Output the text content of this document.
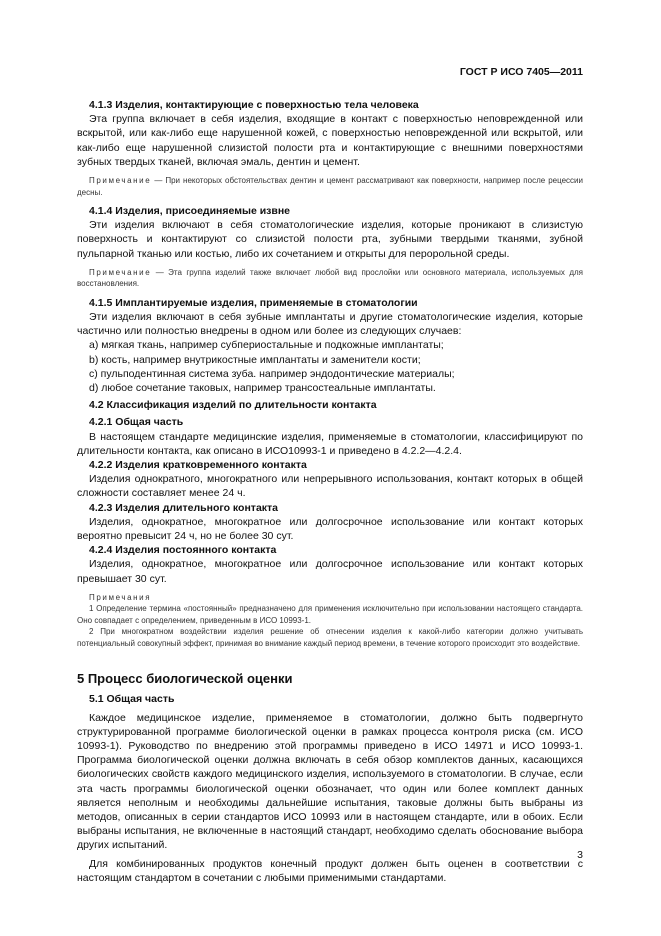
ГОСТ Р ИСО 7405—2011

4.1.3 Изделия, контактирующие с поверхностью тела человека

Эта группа включает в себя изделия, входящие в контакт с поверхностью неповрежденной или вскрытой, или как-либо еще нарушенной кожей, с поверхностью неповрежденной или вскрытой, или как-либо еще нарушенной слизистой полости рта и контактирующие с внешними поверхностями зубных твердых тканей, включая эмаль, дентин и цемент.

Примечание — При некоторых обстоятельствах дентин и цемент рассматривают как поверхности, например после рецессии десны.

4.1.4 Изделия, присоединяемые извне

Эти изделия включают в себя стоматологические изделия, которые проникают в слизистую поверхность и контактируют со слизистой полости рта, зубными твердыми тканями, зубной пульпарной тканью или костью, либо их сочетанием и открыты для перорольной среды.

Примечание — Эта группа изделий также включает любой вид прослойки или основного материала, используемых для восстановления.

4.1.5 Имплантируемые изделия, применяемые в стоматологии

Эти изделия включают в себя зубные имплантаты и другие стоматологические изделия, которые частично или полностью внедрены в одном или более из следующих случаев:

a) мягкая ткань, например субпериостальные и подкожные имплантаты;
b) кость, например внутрикостные имплантаты и заменители кости;
c) пульподентинная система зуба. например эндодонтические материалы;
d) любое сочетание таковых, например трансостеальные имплантаты.

4.2 Классификация изделий по длительности контакта

4.2.1 Общая часть

В настоящем стандарте медицинские изделия, применяемые в стоматологии, классифицируют по длительности контакта, как описано в ИСО10993-1 и приведено в 4.2.2—4.2.4.

4.2.2 Изделия кратковременного контакта

Изделия однократного, многократного или непрерывного использования, контакт которых в общей сложности составляет менее 24 ч.

4.2.3 Изделия длительного контакта

Изделия, однократное, многократное или долгосрочное использование или контакт которых вероятно превысит 24 ч, но не более 30 сут.

4.2.4 Изделия постоянного контакта

Изделия, однократное, многократное или долгосрочное использование или контакт которых превышает 30 сут.

Примечания

1 Определение термина «постоянный» предназначено для применения исключительно при использовании настоящего стандарта. Оно совпадает с определением, приведенным в ИСО 10993-1.

2 При многократном воздействии изделия решение об отнесении изделия к какой-либо категории должно учитывать потенциальный совокупный эффект, принимая во внимание каждый период времени, в течение которого происходит это воздействие.

5 Процесс биологической оценки

5.1 Общая часть

Каждое медицинское изделие, применяемое в стоматологии, должно быть подвергнуто структурированной программе биологической оценки в рамках процесса контроля риска (см. ИСО 10993-1). Руководство по внедрению этой программы приведено в ИСО 14971 и ИСО 10993-1. Программа биологической оценки должна включать в себя обзор комплектов данных, касающихся биологических свойств каждого медицинского изделия, используемого в стоматологии. В случае, если эта часть программы биологической оценки обозначает, что один или более комплект данных является неполным и необходимы дальнейшие испытания, таковые должны быть выбраны из методов, описанных в серии стандартов ИСО 10993 или в настоящем стандарте, или в обоих. Если выбраны испытания, не включенные в настоящий стандарт, необходимо сделать обоснование выбора других испытаний.

Для комбинированных продуктов конечный продукт должен быть оценен в соответствии с настоящим стандартом в сочетании с любыми применимыми стандартами.

3
